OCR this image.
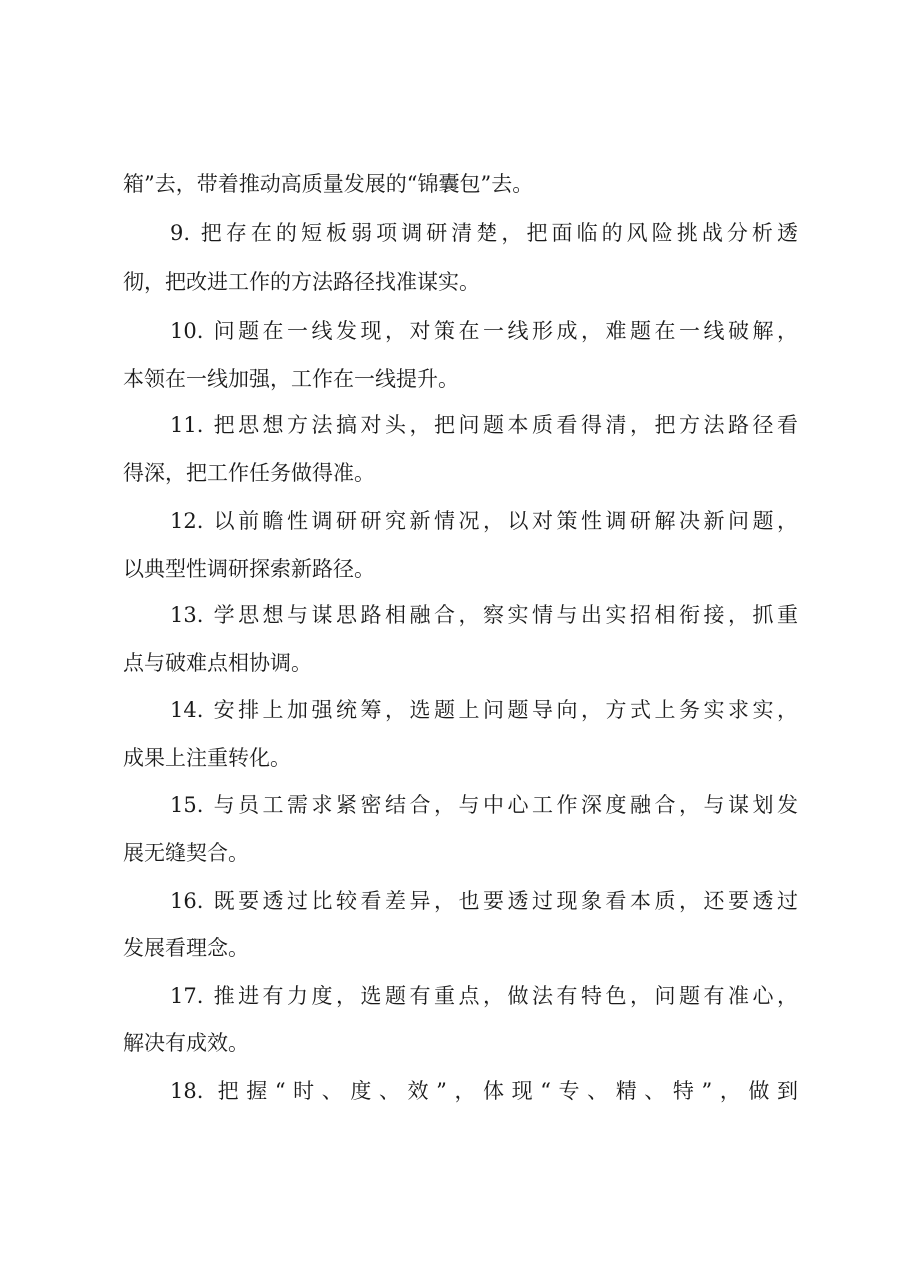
箱”去，带着推动高质量发展的“锦囊包”去。
9. 把存在的短板弱项调研清楚，把面临的风险挑战分析透
彻，把改进工作的方法路径找准谋实。
10. 问题在一线发现，对策在一线形成，难题在一线破解，
本领在一线加强，工作在一线提升。
11. 把思想方法搞对头，把问题本质看得清，把方法路径看
得深，把工作任务做得准。
12. 以前瞻性调研研究新情况，以对策性调研解决新问题，
以典型性调研探索新路径。
13. 学思想与谋思路相融合，察实情与出实招相衔接，抓重
点与破难点相协调。
14. 安排上加强统筹，选题上问题导向，方式上务实求实，
成果上注重转化。
15. 与员工需求紧密结合，与中心工作深度融合，与谋划发
展无缝契合。
16. 既要透过比较看差异，也要透过现象看本质，还要透过
发展看理念。
17. 推进有力度，选题有重点，做法有特色，问题有准心，
解决有成效。
18. 把握“时、度、效”，体现“专、精、特”，做到
